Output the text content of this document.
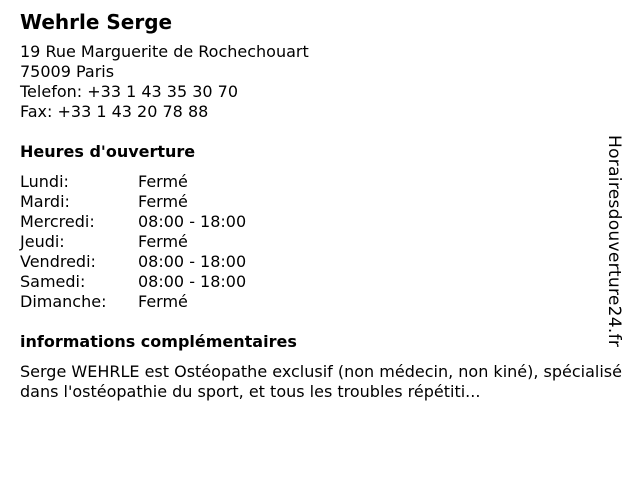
Wehrle Serge
19 Rue Marguerite de Rochechouart
75009 Paris
Telefon: +33 1 43 35 30 70
Fax: +33 1 43 20 78 88
Heures d'ouverture
Lundi:	Fermé
Mardi:	Fermé
Mercredi:	08:00 - 18:00
Jeudi:	Fermé
Vendredi:	08:00 - 18:00
Samedi:	08:00 - 18:00
Dimanche: Fermé
informations complémentaires

Serge WEHRLE est Ostéopathe exclusif (non médecin, non kiné), spécialisé dans l'ostéopathie du sport, et tous les troubles répétiti...

Horairesdouverture24.fr
